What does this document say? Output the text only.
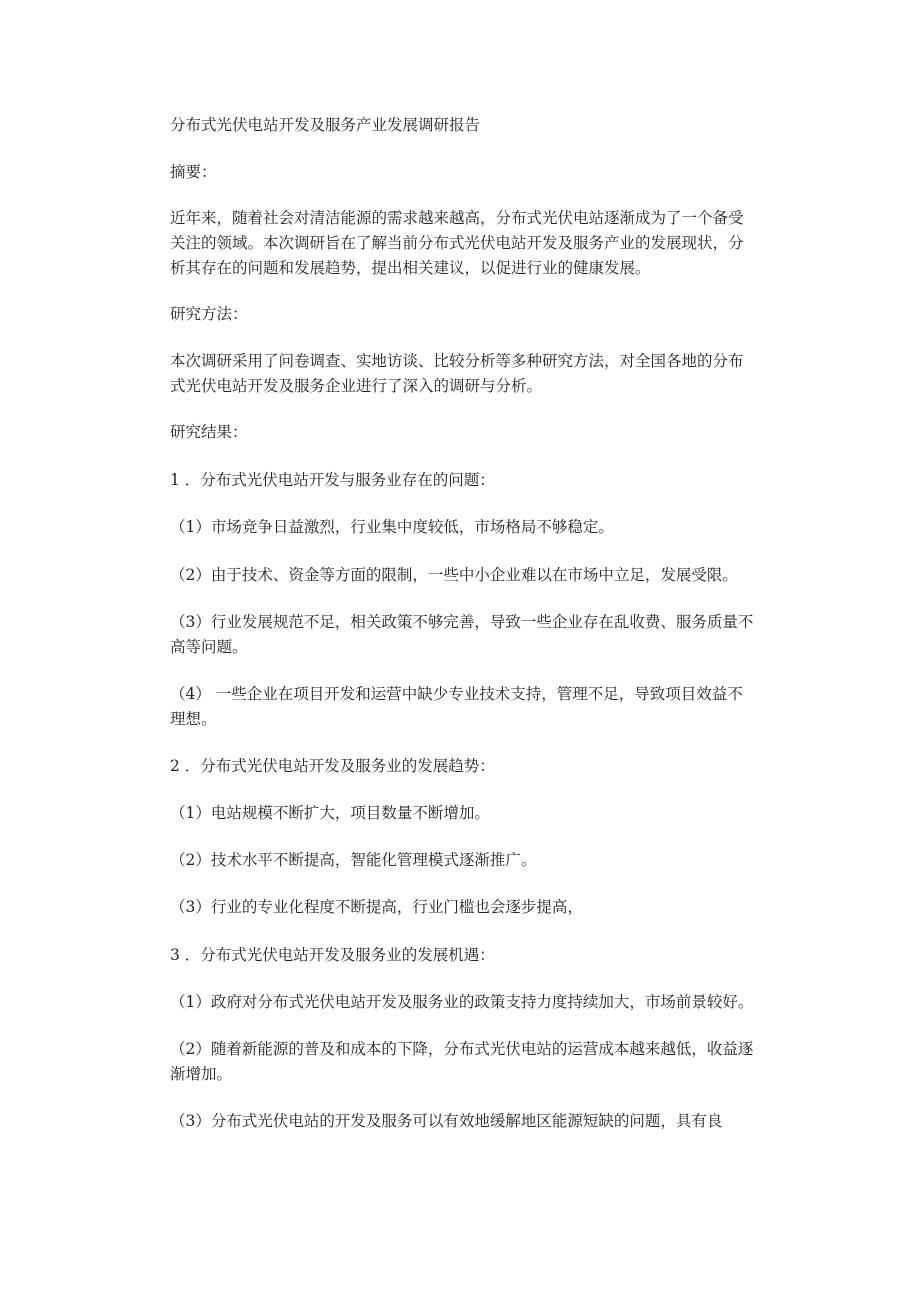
分布式光伏电站开发及服务产业发展调研报告
摘要：
近年来，随着社会对清洁能源的需求越来越高，分布式光伏电站逐渐成为了一个备受
关注的领域。本次调研旨在了解当前分布式光伏电站开发及服务产业的发展现状，分
析其存在的问题和发展趋势，提出相关建议，以促进行业的健康发展。
研究方法：
本次调研采用了问卷调查、实地访谈、比较分析等多种研究方法，对全国各地的分布
式光伏电站开发及服务企业进行了深入的调研与分析。
研究结果：
1 ．分布式光伏电站开发与服务业存在的问题：
（1）市场竞争日益激烈，行业集中度较低，市场格局不够稳定。
（2）由于技术、资金等方面的限制，一些中小企业难以在市场中立足，发展受限。
（3）行业发展规范不足，相关政策不够完善，导致一些企业存在乱收费、服务质量不
高等问题。
（4） 一些企业在项目开发和运营中缺少专业技术支持，管理不足，导致项目效益不
理想。
2 ．分布式光伏电站开发及服务业的发展趋势：
（1）电站规模不断扩大，项目数量不断增加。
（2）技术水平不断提高，智能化管理模式逐渐推广。
（3）行业的专业化程度不断提高，行业门槛也会逐步提高，
3 ．分布式光伏电站开发及服务业的发展机遇：
（1）政府对分布式光伏电站开发及服务业的政策支持力度持续加大，市场前景较好。
（2）随着新能源的普及和成本的下降，分布式光伏电站的运营成本越来越低，收益逐
渐增加。
（3）分布式光伏电站的开发及服务可以有效地缓解地区能源短缺的问题，具有良
